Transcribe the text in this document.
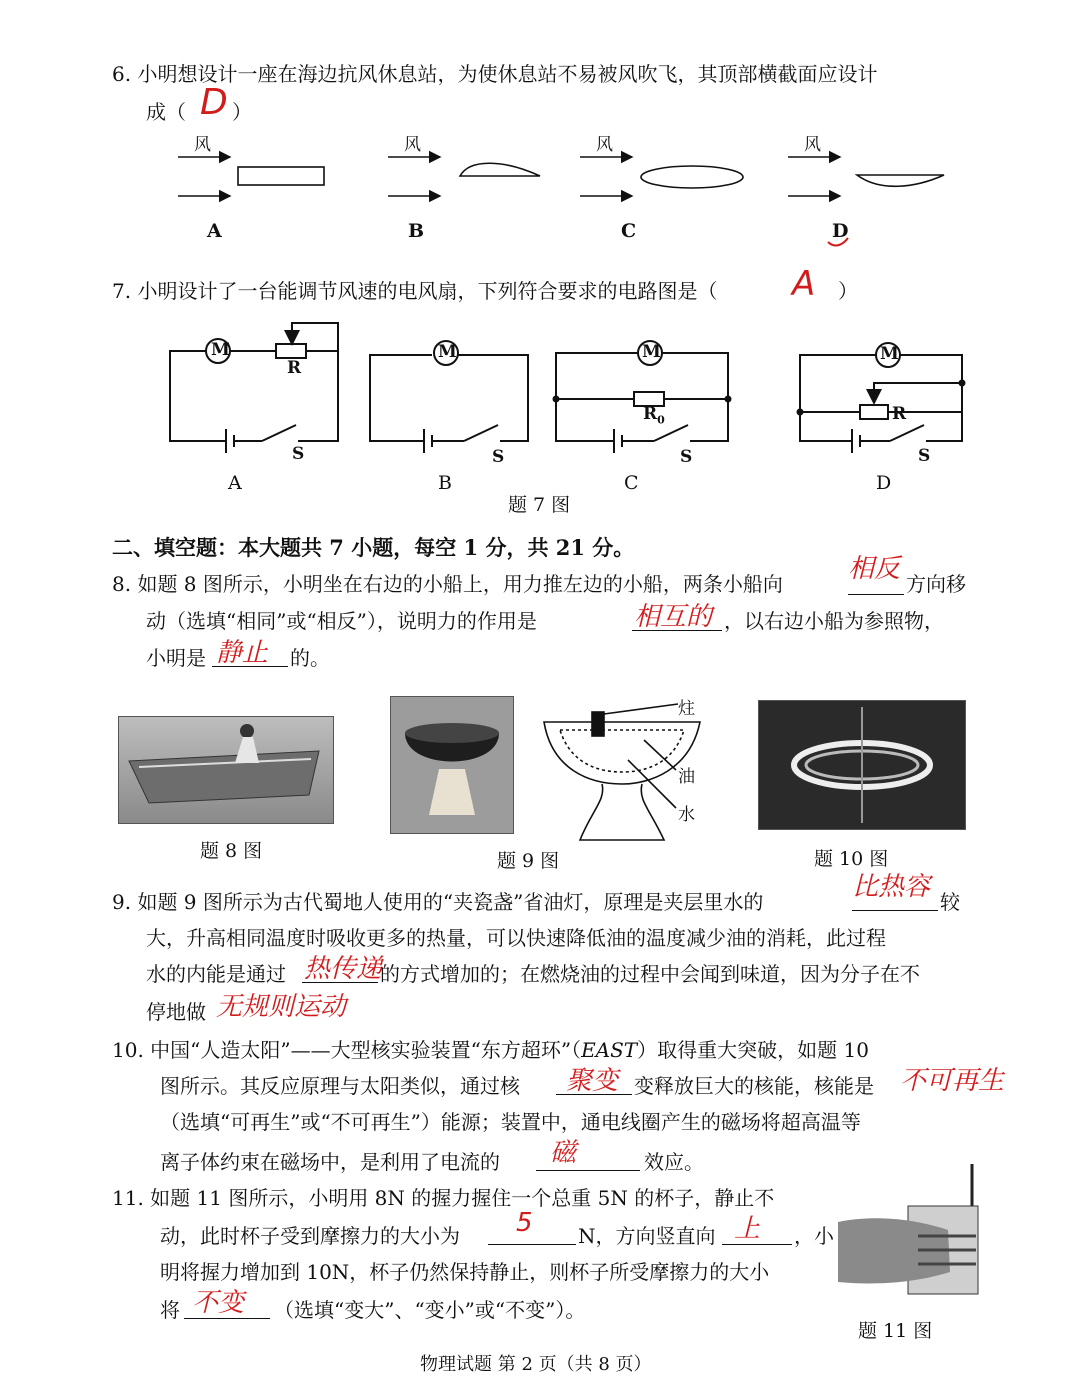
6. 小明想设计一座在海边抗风休息站，为使休息站不易被风吹飞，其顶部横截面应设计
成（ D ）
风	风	风	风
A	B	C	D
7. 小明设计了一台能调节风速的电风扇，下列符合要求的电路图是（ A ）
M	M	M	M
R
$R_0$	R
S	S	S	S
A	B	C	D
题 7 图
二、填空题：本大题共 7 小题，每空 1 分，共 21 分。
8. 如题 8 图所示，小明坐在右边的小船上，用力推左边的小船，两条小船向	相反 方向移
动（选填“相同”或“相反”），说明力的作用是	相互的 ，以右边小船为参照物，
小明是 静止 的。
题 8 图
炷
油
水
题 9 图	题 10 图
9. 如题 9 图所示为古代蜀地人使用的“夹瓷盏”省油灯，原理是夹层里水的	比热容 较
大，升高相同温度时吸收更多的热量，可以快速降低油的温度减少油的消耗，此过程
水的内能是通过 热传递
的方式增加的；在燃烧油的过程中会闻到味道，因为分子在不
停地做 无规则运动
10. 中国“人造太阳”——大型核实验装置“东方超环”（EAST）取得重大突破，如题 10
图所示。其反应原理与太阳类似，通过核 聚变 变释放巨大的核能，核能是 不可再生
（选填“可再生”或“不可再生”）能源；装置中，通电线圈产生的磁场将超高温等
离子体约束在磁场中，是利用了电流的 磁	效应。
11. 如题 11 图所示，小明用 8N 的握力握住一个总重 5N 的杯子，静止不
动，此时杯子受到摩擦力的大小为 5 N，方向竖直向 上 ，小
明将握力增加到 10N，杯子仍然保持静止，则杯子所受摩擦力的大小
将 不变 （选填“变大”、“变小”或“不变”）。
题 11 图
物理试题 第 2 页（共 8 页）
